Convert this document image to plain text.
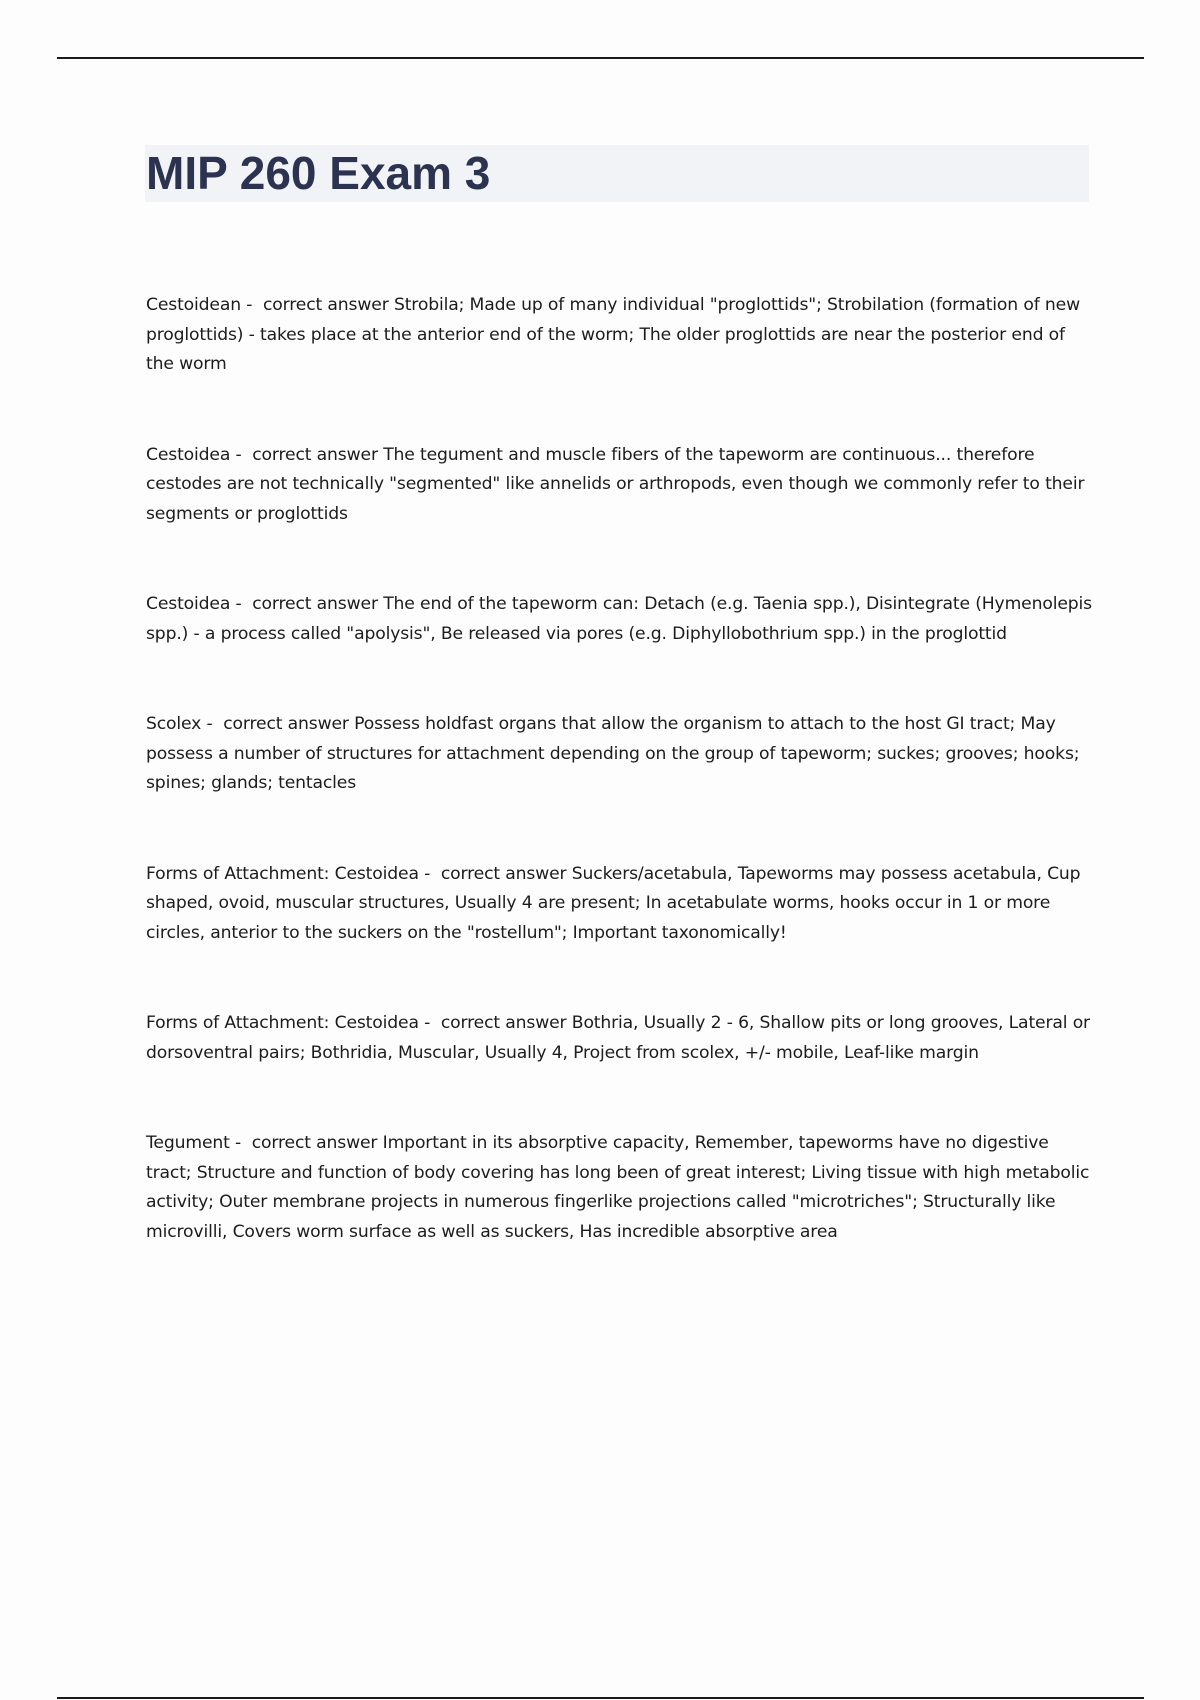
MIP 260 Exam 3

Cestoidean -  correct answer Strobila; Made up of many individual "proglottids"; Strobilation (formation of new proglottids) - takes place at the anterior end of the worm; The older proglottids are near the posterior end of the worm

Cestoidea -  correct answer The tegument and muscle fibers of the tapeworm are continuous... therefore cestodes are not technically "segmented" like annelids or arthropods, even though we commonly refer to their segments or proglottids

Cestoidea -  correct answer The end of the tapeworm can: Detach (e.g. Taenia spp.), Disintegrate (Hymenolepis spp.) - a process called "apolysis", Be released via pores (e.g. Diphyllobothrium spp.) in the proglottid

Scolex -  correct answer Possess holdfast organs that allow the organism to attach to the host GI tract; May possess a number of structures for attachment depending on the group of tapeworm; suckes; grooves; hooks; spines; glands; tentacles

Forms of Attachment: Cestoidea -  correct answer Suckers/acetabula, Tapeworms may possess acetabula, Cup shaped, ovoid, muscular structures, Usually 4 are present; In acetabulate worms, hooks occur in 1 or more circles, anterior to the suckers on the "rostellum"; Important taxonomically!

Forms of Attachment: Cestoidea -  correct answer Bothria, Usually 2 - 6, Shallow pits or long grooves, Lateral or dorsoventral pairs; Bothridia, Muscular, Usually 4, Project from scolex, +/- mobile, Leaf-like margin

Tegument -  correct answer Important in its absorptive capacity, Remember, tapeworms have no digestive tract; Structure and function of body covering has long been of great interest; Living tissue with high metabolic activity; Outer membrane projects in numerous fingerlike projections called "microtriches"; Structurally like microvilli, Covers worm surface as well as suckers, Has incredible absorptive area
